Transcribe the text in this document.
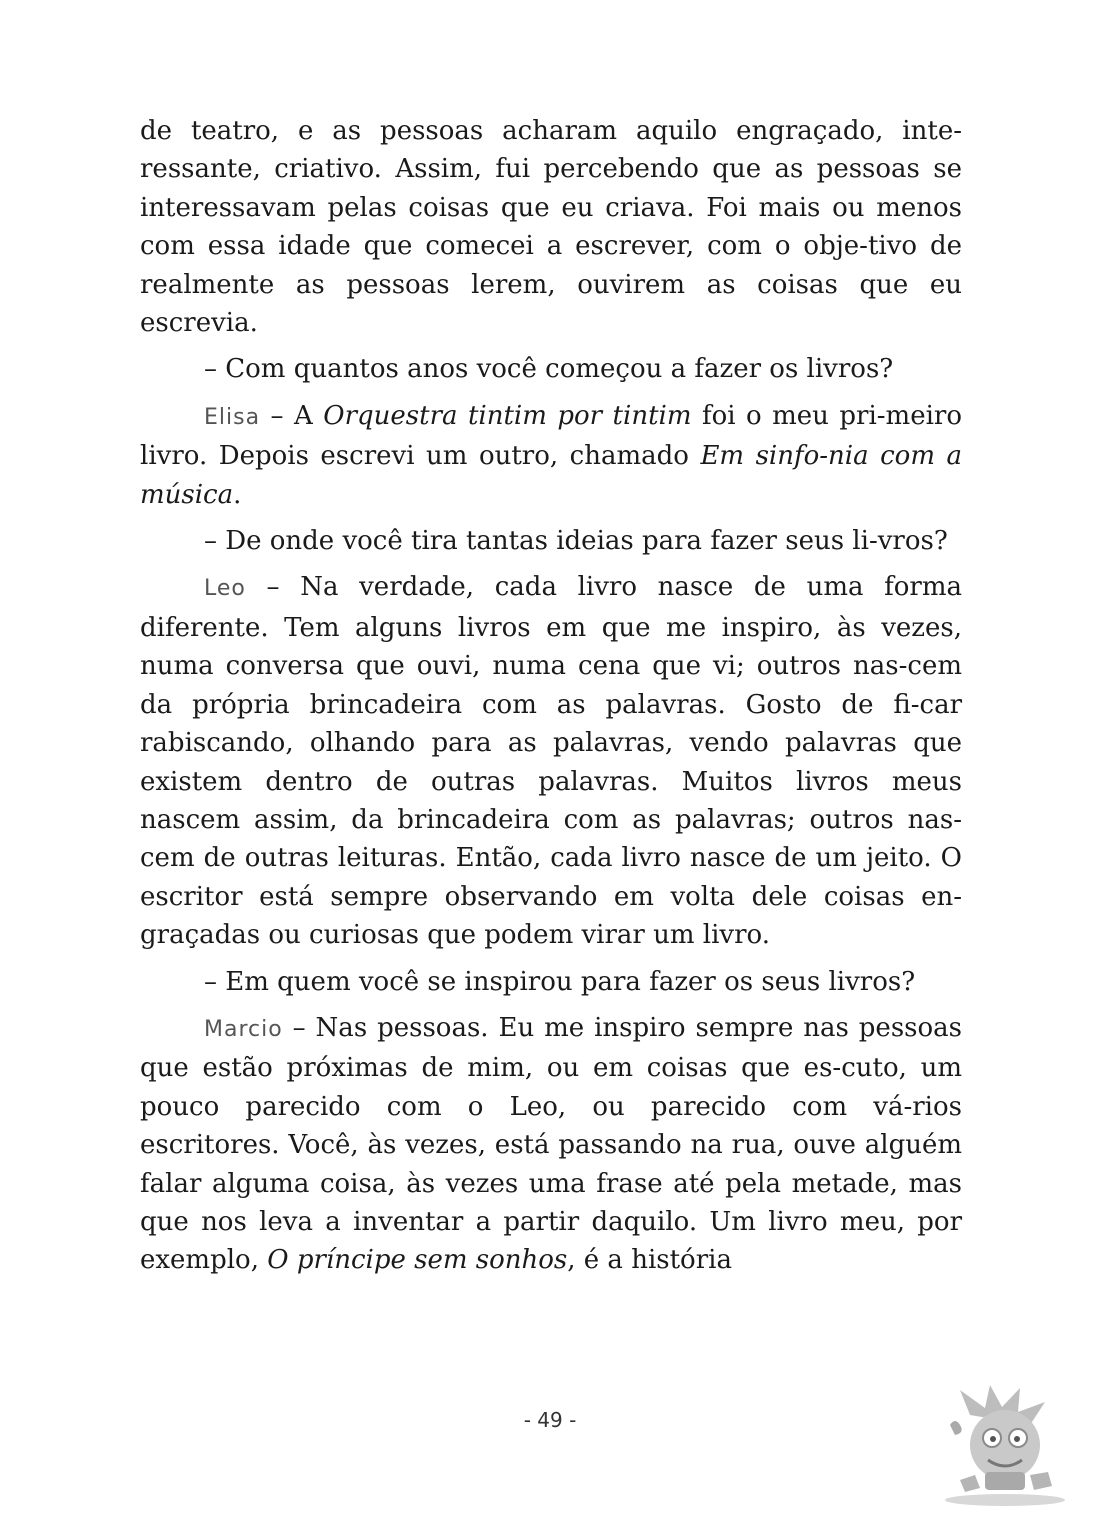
de teatro, e as pessoas acharam aquilo engraçado, inte-ressante, criativo. Assim, fui percebendo que as pessoas se interessavam pelas coisas que eu criava. Foi mais ou menos com essa idade que comecei a escrever, com o obje-tivo de realmente as pessoas lerem, ouvirem as coisas que eu escrevia.

– Com quantos anos você começou a fazer os livros?

Elisa – A Orquestra tintim por tintim foi o meu pri-meiro livro. Depois escrevi um outro, chamado Em sinfo-nia com a música.

– De onde você tira tantas ideias para fazer seus li-vros?

Leo – Na verdade, cada livro nasce de uma forma diferente. Tem alguns livros em que me inspiro, às vezes, numa conversa que ouvi, numa cena que vi; outros nas-cem da própria brincadeira com as palavras. Gosto de fi-car rabiscando, olhando para as palavras, vendo palavras que existem dentro de outras palavras. Muitos livros meus nascem assim, da brincadeira com as palavras; outros nas-cem de outras leituras. Então, cada livro nasce de um jeito. O escritor está sempre observando em volta dele coisas en-graçadas ou curiosas que podem virar um livro.

– Em quem você se inspirou para fazer os seus livros?

Marcio – Nas pessoas. Eu me inspiro sempre nas pessoas que estão próximas de mim, ou em coisas que es-cuto, um pouco parecido com o Leo, ou parecido com vá-rios escritores. Você, às vezes, está passando na rua, ouve alguém falar alguma coisa, às vezes uma frase até pela metade, mas que nos leva a inventar a partir daquilo. Um livro meu, por exemplo, O príncipe sem sonhos, é a história

- 49 -
